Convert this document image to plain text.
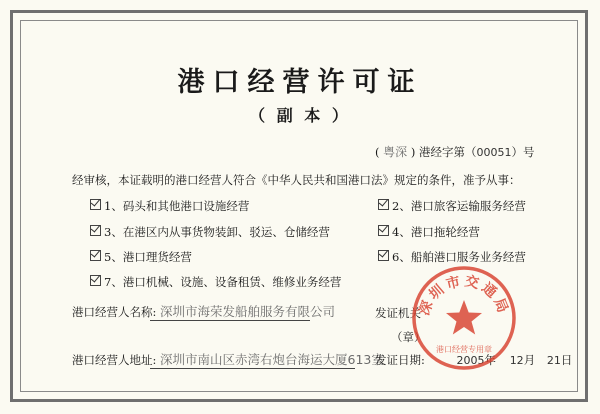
港口经营许可证
（ 副 本 ）
( 粤深 ) 港经字第（00051）号
经审核，本证载明的港口经营人符合《中华人民共和国港口法》规定的条件，准予从事：
1、码头和其他港口设施经营	2、港口旅客运输服务经营
3、在港区内从事货物装卸、驳运、仓储经营	4、港口拖轮经营
5、港口理货经营	6、船舶港口服务业务经营
7、港口机械、设施、设备租赁、维修业务经营
港口经营人名称: 深圳市海荣发船舶服务有限公司
港口经营人地址: 深圳市南山区赤湾右炮台海运大厦613室
发证机关
（章）
发证日期:	2005年 12月 21日
深圳市交通局
港口经营专用章
